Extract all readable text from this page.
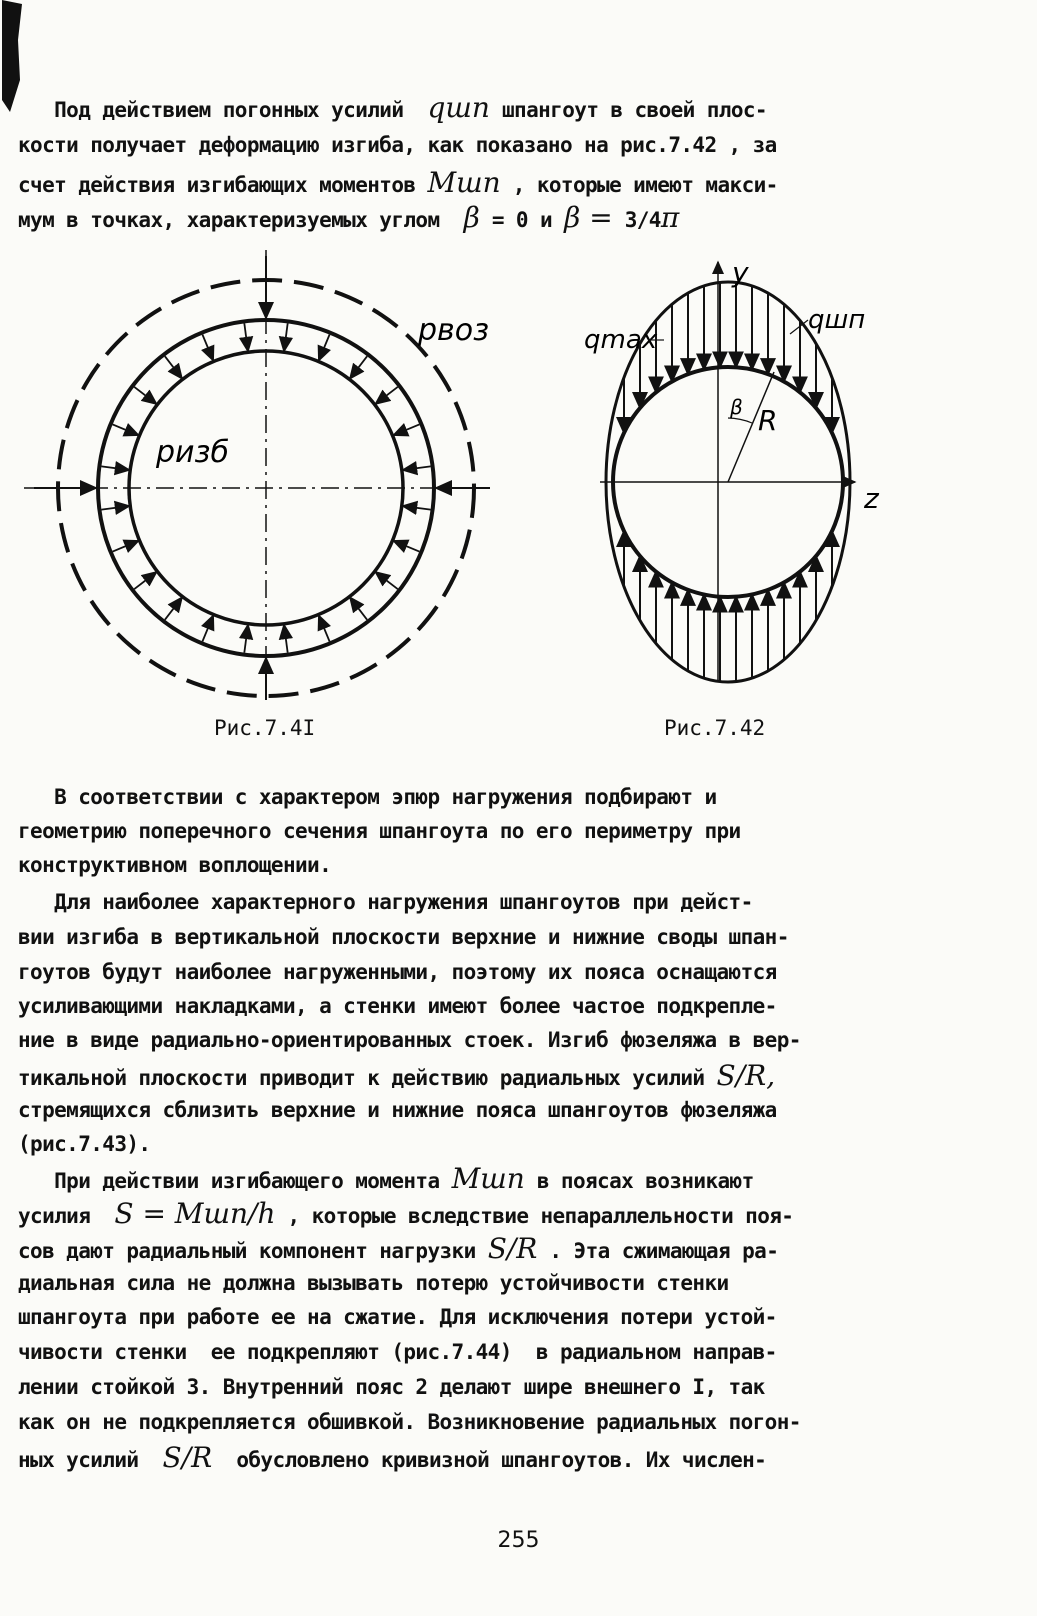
Под действием погонных усилий qшп шпангоут в своей плос-

кости получает деформацию изгиба, как показано на рис.7.42 , за

счет действия изгибающих моментов Mшп , которые имеют макси-

мум в точках, характеризуемых углом β = 0 и β = 3/4π

pвоз
pизб
Рис.7.4I
β R
y
z
qmax
qшп
Рис.7.42

В соответствии с характером эпюр нагружения подбирают и

геометрию поперечного сечения шпангоута по его периметру при

конструктивном воплощении.

Для наиболее характерного нагружения шпангоутов при дейст-

вии изгиба в вертикальной плоскости верхние и нижние своды шпан-

гоутов будут наиболее нагруженными, поэтому их пояса оснащаются

усиливающими накладками, а стенки имеют более частое подкрепле-

ние в виде радиально-ориентированных стоек. Изгиб фюзеляжа в вер-

тикальной плоскости приводит к действию радиальных усилий S/R,

стремящихся сблизить верхние и нижние пояса шпангоутов фюзеляжа

(рис.7.43).

При действии изгибающего момента Mшп в поясах возникают

усилия S = Mшп/h , которые вследствие непараллельности поя-

сов дают радиальный компонент нагрузки S/R . Эта сжимающая ра-

диальная сила не должна вызывать потерю устойчивости стенки

шпангоута при работе ее на сжатие. Для исключения потери устой-

чивости стенки  ее подкрепляют (рис.7.44)  в радиальном направ-

лении стойкой 3. Внутренний пояс 2 делают шире внешнего I, так

как он не подкрепляется обшивкой. Возникновение радиальных погон-

ных усилий S/R  обусловлено кривизной шпангоутов. Их числен-

255
